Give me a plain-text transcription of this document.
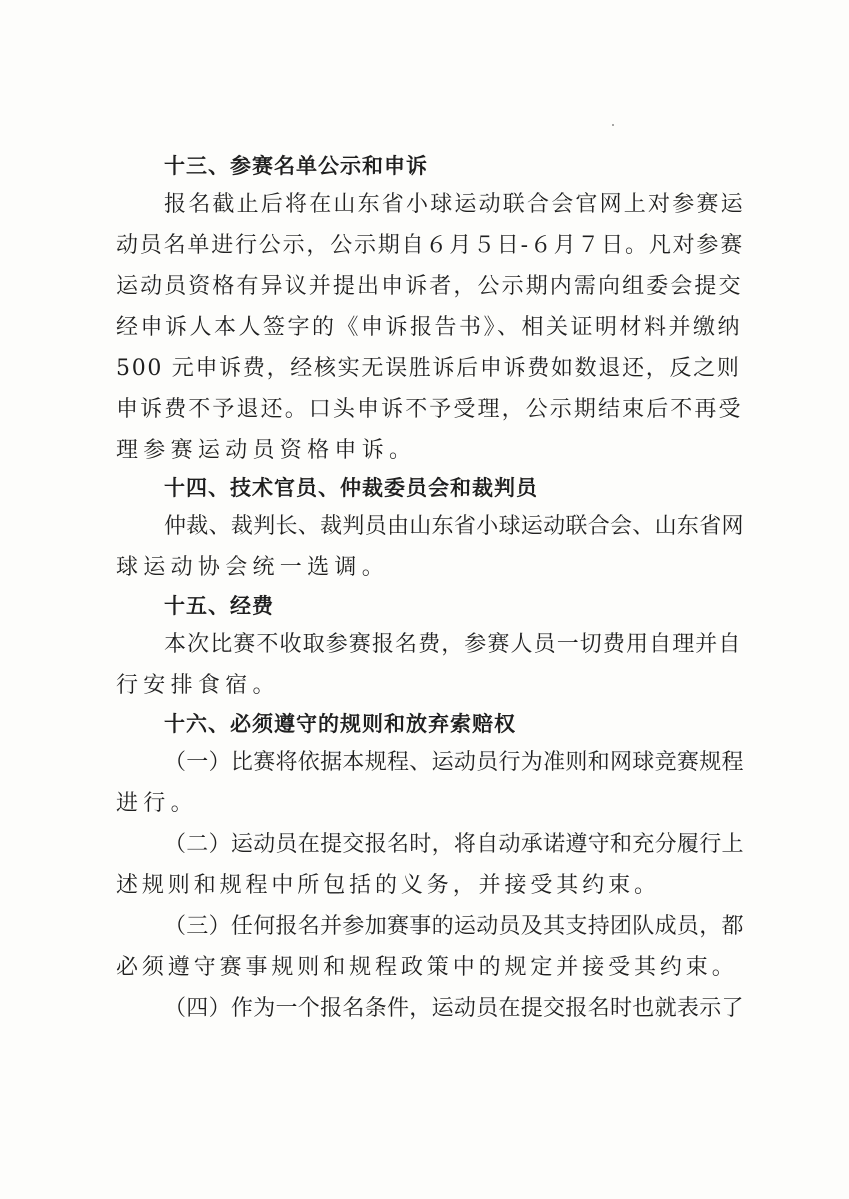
十三、参赛名单公示和申诉

报名截止后将在山东省小球运动联合会官网上对参赛运

动员名单进行公示，公示期自６月５日-６月７日。凡对参赛

运动员资格有异议并提出申诉者，公示期内需向组委会提交

经申诉人本人签字的《申诉报告书》、相关证明材料并缴纳

500 元申诉费，经核实无误胜诉后申诉费如数退还，反之则

申诉费不予退还。口头申诉不予受理，公示期结束后不再受

理参赛运动员资格申诉。

十四、技术官员、仲裁委员会和裁判员

仲裁、裁判长、裁判员由山东省小球运动联合会、山东省网

球运动协会统一选调。

十五、经费

本次比赛不收取参赛报名费，参赛人员一切费用自理并自

行安排食宿。

十六、必须遵守的规则和放弃索赔权

（一）比赛将依据本规程、运动员行为准则和网球竞赛规程

进行。

（二）运动员在提交报名时，将自动承诺遵守和充分履行上

述规则和规程中所包括的义务，并接受其约束。

（三）任何报名并参加赛事的运动员及其支持团队成员，都

必须遵守赛事规则和规程政策中的规定并接受其约束。

（四）作为一个报名条件，运动员在提交报名时也就表示了
